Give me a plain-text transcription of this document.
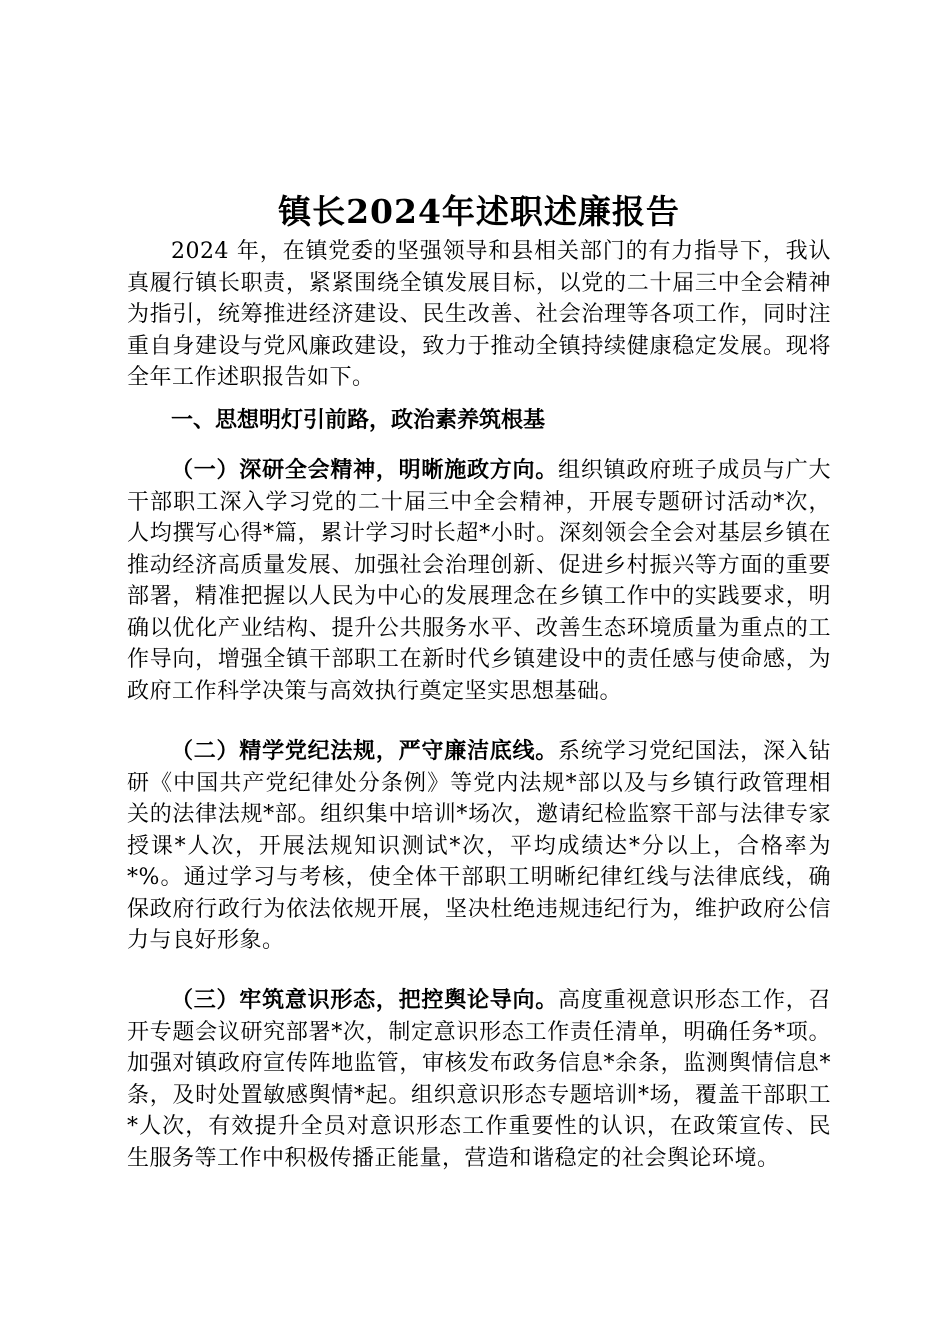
镇长2024年述职述廉报告

2024 年，在镇党委的坚强领导和县相关部门的有力指导下，我认真履行镇长职责，紧紧围绕全镇发展目标，以党的二十届三中全会精神为指引，统筹推进经济建设、民生改善、社会治理等各项工作，同时注重自身建设与党风廉政建设，致力于推动全镇持续健康稳定发展。现将全年工作述职报告如下。

一、思想明灯引前路，政治素养筑根基

（一）深研全会精神，明晰施政方向。组织镇政府班子成员与广大干部职工深入学习党的二十届三中全会精神，开展专题研讨活动*次，人均撰写心得*篇，累计学习时长超*小时。深刻领会全会对基层乡镇在推动经济高质量发展、加强社会治理创新、促进乡村振兴等方面的重要部署，精准把握以人民为中心的发展理念在乡镇工作中的实践要求，明确以优化产业结构、提升公共服务水平、改善生态环境质量为重点的工作导向，增强全镇干部职工在新时代乡镇建设中的责任感与使命感，为政府工作科学决策与高效执行奠定坚实思想基础。

（二）精学党纪法规，严守廉洁底线。系统学习党纪国法，深入钻研《中国共产党纪律处分条例》等党内法规*部以及与乡镇行政管理相关的法律法规*部。组织集中培训*场次，邀请纪检监察干部与法律专家授课*人次，开展法规知识测试*次，平均成绩达*分以上，合格率为*%。通过学习与考核，使全体干部职工明晰纪律红线与法律底线，确保政府行政行为依法依规开展，坚决杜绝违规违纪行为，维护政府公信力与良好形象。

（三）牢筑意识形态，把控舆论导向。高度重视意识形态工作，召开专题会议研究部署*次，制定意识形态工作责任清单，明确任务*项。加强对镇政府宣传阵地监管，审核发布政务信息*余条，监测舆情信息*条，及时处置敏感舆情*起。组织意识形态专题培训*场，覆盖干部职工*人次，有效提升全员对意识形态工作重要性的认识，在政策宣传、民生服务等工作中积极传播正能量，营造和谐稳定的社会舆论环境。
